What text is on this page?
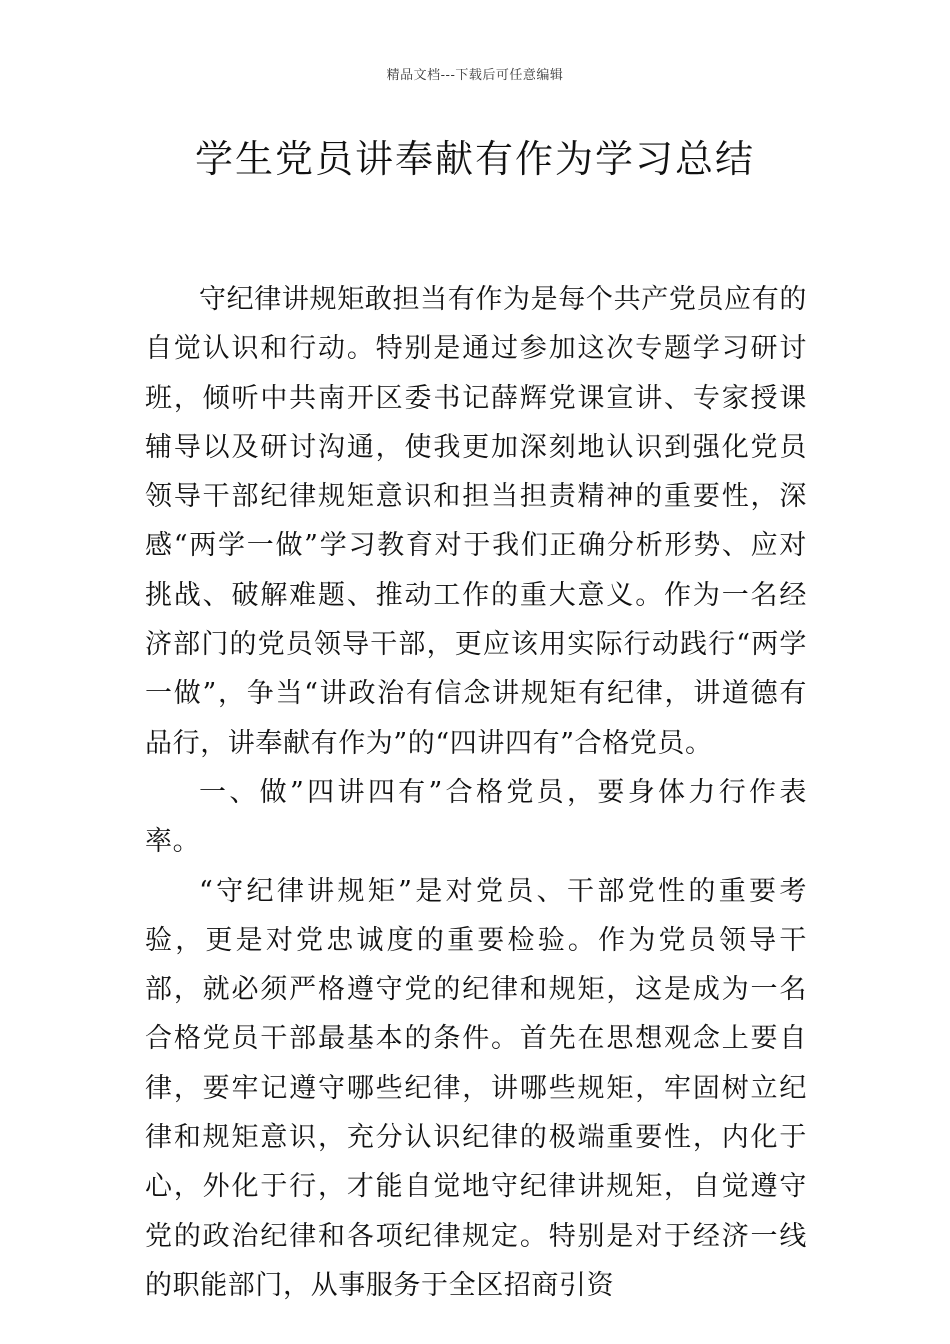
精品文档---下载后可任意编辑
学生党员讲奉献有作为学习总结

守纪律讲规矩敢担当有作为是每个共产党员应有的自觉认识和行动。特别是通过参加这次专题学习研讨班，倾听中共南开区委书记薛辉党课宣讲、专家授课辅导以及研讨沟通，使我更加深刻地认识到强化党员领导干部纪律规矩意识和担当担责精神的重要性，深感“两学一做”学习教育对于我们正确分析形势、应对挑战、破解难题、推动工作的重大意义。作为一名经济部门的党员领导干部，更应该用实际行动践行“两学一做”，争当“讲政治有信念讲规矩有纪律，讲道德有品行，讲奉献有作为”的“四讲四有”合格党员。

一、做”四讲四有”合格党员，要身体力行作表率。

“守纪律讲规矩”是对党员、干部党性的重要考验，更是对党忠诚度的重要检验。作为党员领导干部，就必须严格遵守党的纪律和规矩，这是成为一名合格党员干部最基本的条件。首先在思想观念上要自律，要牢记遵守哪些纪律，讲哪些规矩，牢固树立纪律和规矩意识，充分认识纪律的极端重要性，内化于心，外化于行，才能自觉地守纪律讲规矩，自觉遵守党的政治纪律和各项纪律规定。特别是对于经济一线的职能部门，从事服务于全区招商引资
